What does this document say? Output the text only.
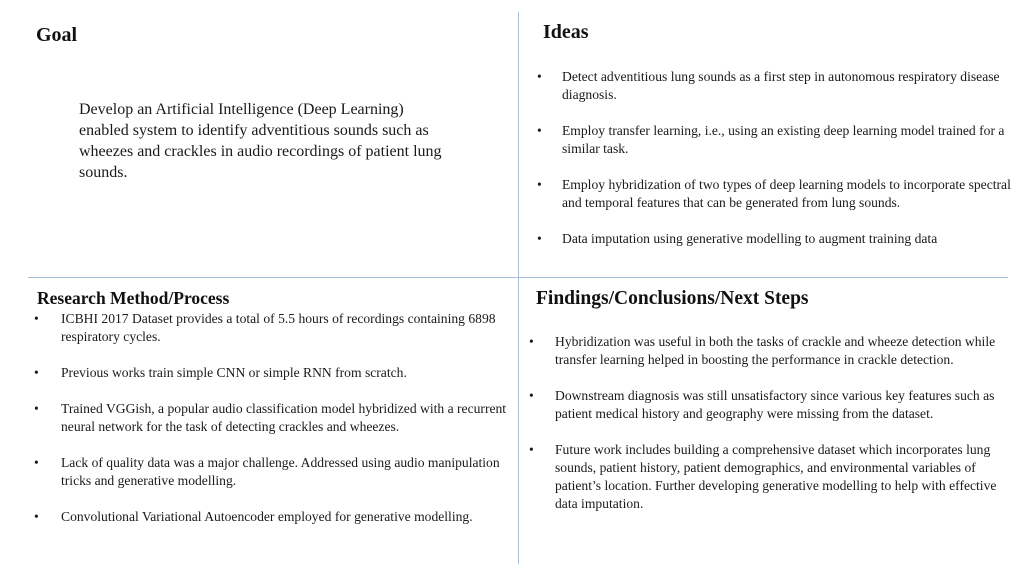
Goal

Develop an Artificial Intelligence (Deep Learning) enabled system to identify adventitious sounds such as wheezes and crackles in audio recordings of patient lung sounds.

Ideas
• Detect adventitious lung sounds as a first step in autonomous respiratory disease diagnosis.
• Employ transfer learning, i.e., using an existing deep learning model trained for a similar task.
• Employ hybridization of two types of deep learning models to incorporate spectral and temporal features that can be generated from lung sounds.
• Data imputation using generative modelling to augment training data
Research Method/Process
• ICBHI 2017 Dataset provides a total of 5.5 hours of recordings containing 6898 respiratory cycles.
• Previous works train simple CNN or simple RNN from scratch.
• Trained VGGish, a popular audio classification model hybridized with a recurrent neural network for the task of detecting crackles and wheezes.
• Lack of quality data was a major challenge. Addressed using audio manipulation tricks and generative modelling.
• Convolutional Variational Autoencoder employed for generative modelling.
Findings/Conclusions/Next Steps
• Hybridization was useful in both the tasks of crackle and wheeze detection while transfer learning helped in boosting the performance in crackle detection.
• Downstream diagnosis was still unsatisfactory since various key features such as patient medical history and geography were missing from the dataset.
• Future work includes building a comprehensive dataset which incorporates lung sounds, patient history, patient demographics, and environmental variables of patient’s location. Further developing generative modelling to help with effective data imputation.
